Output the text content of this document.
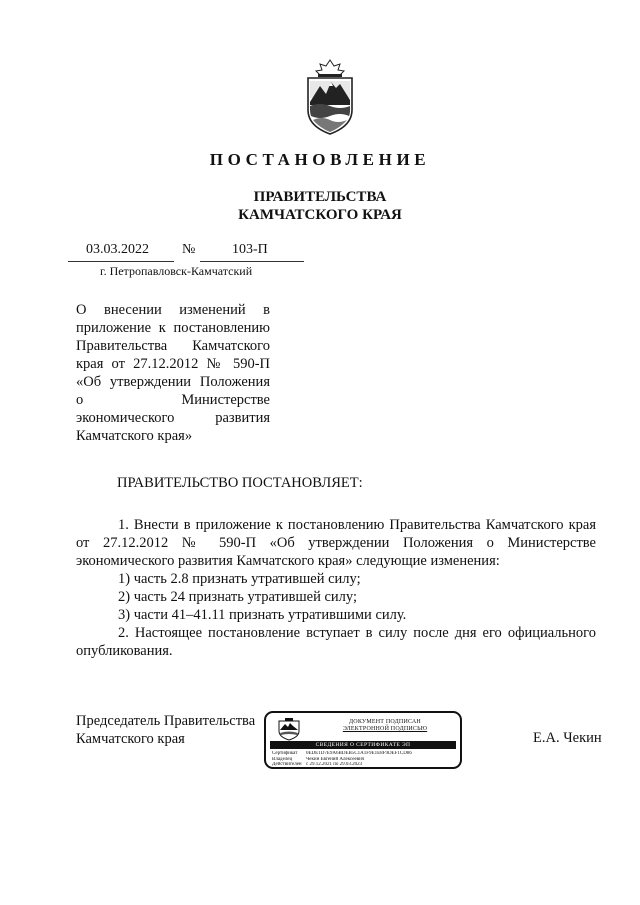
ПОСТАНОВЛЕНИЕ
ПРАВИТЕЛЬСТВА
КАМЧАТСКОГО КРАЯ
03.03.2022 №	103-П
г. Петропавловск-Камчатский
О внесении изменений в приложение к постановлению Правительства Камчатского края от 27.12.2012 № 590-П «Об утверждении Положения о Министерстве экономического развития Камчатского края»
ПРАВИТЕЛЬСТВО ПОСТАНОВЛЯЕТ:

1. Внести в приложение к постановлению Правительства Камчатского края от 27.12.2012 № 590-П «Об утверждении Положения о Министерстве экономического развития Камчатского края» следующие изменения:

1) часть 2.8 признать утратившей силу;

2) часть 24 признать утратившей силу;

3) части 41–41.11 признать утратившими силу.

2. Настоящее постановление вступает в силу после дня его официального опубликования.

Председатель Правительства
Камчатского края
ДОКУМЕНТ ПОДПИСАН
ЭЛЕКТРОННОЙ ПОДПИСЬЮ
СВЕДЕНИЯ О СЕРТИФИКАТЕ ЭП
Сертификат 0EDE1D7E9A6BDEB5C1A1F9E1E8F9DEF1CD86
Владелец	Чекин Евгений Алексеевич
Действителен с 29.12.2021 по 29.03.2023
Е.А. Чекин
